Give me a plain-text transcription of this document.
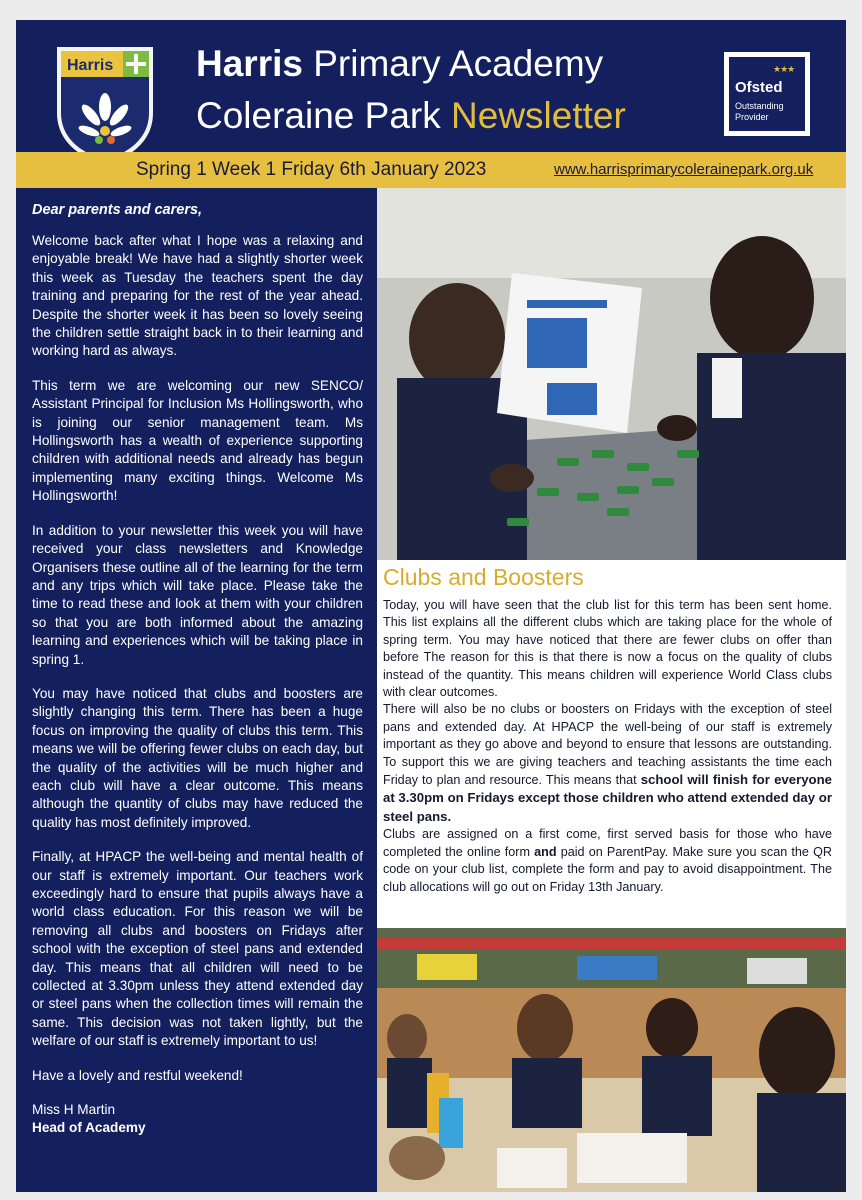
Harris Harris Primary Academy
Coleraine Park Newsletter
★★★
Ofsted
Outstanding
Provider
Spring 1 Week 1 Friday 6th January 2023	www.harrisprimarycolerainepark.org.uk
Dear parents and carers,

Welcome back after what I hope was a relaxing and enjoyable break! We have had a slightly shorter week this week as Tuesday the teachers spent the day training and preparing for the rest of the year ahead. Despite the shorter week it has been so lovely seeing the children settle straight back in to their learning and working hard as always.

This term we are welcoming our new SENCO/ Assistant Principal for Inclusion Ms Hollingsworth, who is joining our senior management team. Ms Hollingsworth has a wealth of experience supporting children with additional needs and already has begun implementing many exciting things. Welcome Ms Hollingsworth!

In addition to your newsletter this week you will have received your class newsletters and Knowledge Organisers these outline all of the learning for the term and any trips which will take place. Please take the time to read these and look at them with your children so that you are both informed about the amazing learning and experiences which will be taking place in spring 1.

You may have noticed that clubs and boosters are slightly changing this term. There has been a huge focus on improving the quality of clubs this term. This means we will be offering fewer clubs on each day, but the quality of the activities will be much higher and each club will have a clear outcome. This means although the quantity of clubs may have reduced the quality has most definitely improved.

Finally, at HPACP the well-being and mental health of our staff is extremely important. Our teachers work exceedingly hard to ensure that pupils always have a world class education. For this reason we will be removing all clubs and boosters on Fridays after school with the exception of steel pans and extended day. This means that all children will need to be collected at 3.30pm unless they attend extended day or steel pans when the collection times will remain the same. This decision was not taken lightly, but the welfare of our staff is extremely important to us!

Have a lovely and restful weekend!

Miss H Martin
Head of Academy
Clubs and Boosters

Today, you will have seen that the club list for this term has been sent home. This list explains all the different clubs which are taking place for the whole of spring term. You may have noticed that there are fewer clubs on offer than before The reason for this is that there is now a focus on the quality of clubs instead of the quantity. This means children will experience World Class clubs with clear outcomes.

There will also be no clubs or boosters on Fridays with the exception of steel pans and extended day. At HPACP the well-being of our staff is extremely important as they go above and beyond to ensure that lessons are outstanding. To support this we are giving teachers and teaching assistants the time each Friday to plan and resource. This means that school will finish for everyone at 3.30pm on Fridays except those children who attend extended day or steel pans.

Clubs are assigned on a first come, first served basis for those who have completed the online form and paid on ParentPay. Make sure you scan the QR code on your club list, complete the form and pay to avoid disappointment. The club allocations will go out on Friday 13th January.
